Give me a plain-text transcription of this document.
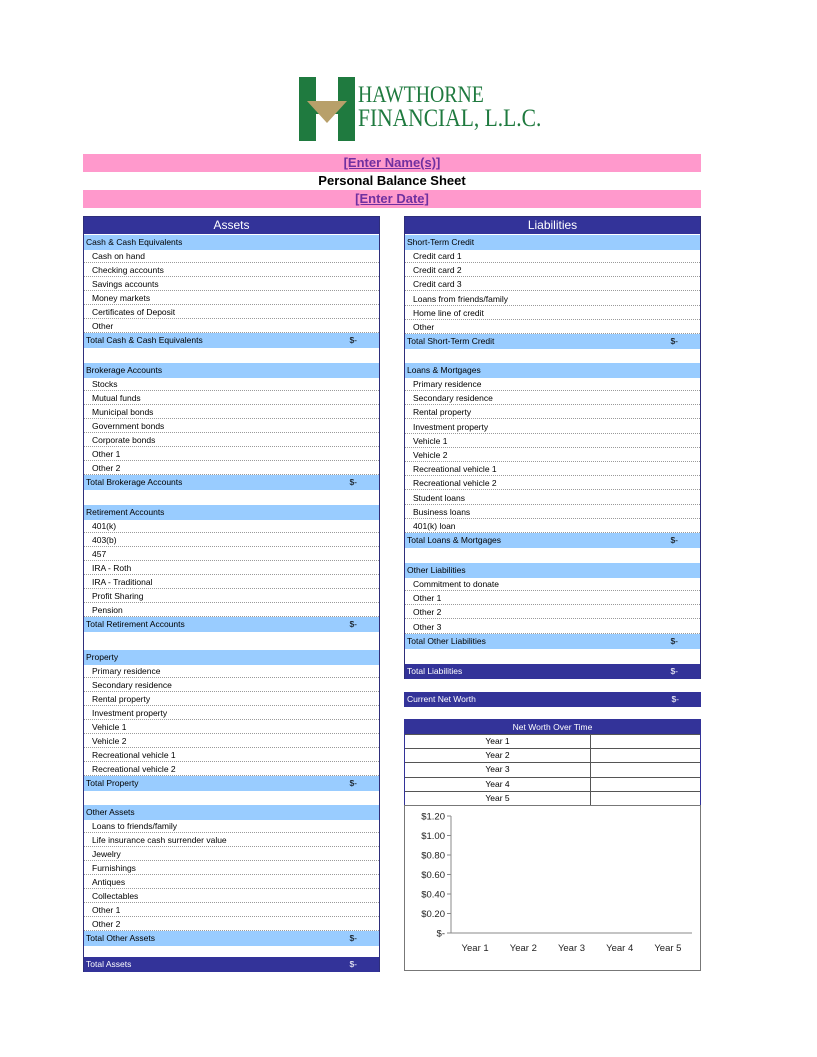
HAWTHORNE
FINANCIAL, L.L.C.
[Enter Name(s)]
Personal Balance Sheet
[Enter Date]
Assets
Cash & Cash Equivalents
Cash on hand
Checking accounts
Savings accounts
Money markets
Certificates of Deposit
Other
Total Cash & Cash Equivalents	$-
Brokerage Accounts
Stocks
Mutual funds
Municipal bonds
Government bonds
Corporate bonds
Other 1
Other 2
Total Brokerage Accounts	$-
Retirement Accounts
401(k)
403(b)
457
IRA - Roth
IRA - Traditional
Profit Sharing
Pension
Total Retirement Accounts	$-
Property
Primary residence
Secondary residence
Rental property
Investment property
Vehicle 1
Vehicle 2
Recreational vehicle 1
Recreational vehicle 2
Total Property	$-
Other Assets
Loans to friends/family
Life insurance cash surrender value
Jewelry
Furnishings
Antiques
Collectables
Other 1
Other 2
Total Other Assets	$-
Total Assets	$-
Liabilities
Short-Term Credit
Credit card 1
Credit card 2
Credit card 3
Loans from friends/family
Home line of credit
Other
Total Short-Term Credit	$-
Loans & Mortgages
Primary residence
Secondary residence
Rental property
Investment property
Vehicle 1
Vehicle 2
Recreational vehicle 1
Recreational vehicle 2
Student loans
Business loans
401(k) loan
Total Loans & Mortgages	$-
Other Liabilities
Commitment to donate
Other 1
Other 2
Other 3
Total Other Liabilities	$-
Total Liabilities	$-
Current Net Worth	$-
Net Worth Over Time
Year 1
Year 2
Year 3
Year 4
Year 5
$1.20
$1.00
$0.80
$0.60
$0.40
$0.20
$-
Year 1 Year 2 Year 3 Year 4 Year 5
